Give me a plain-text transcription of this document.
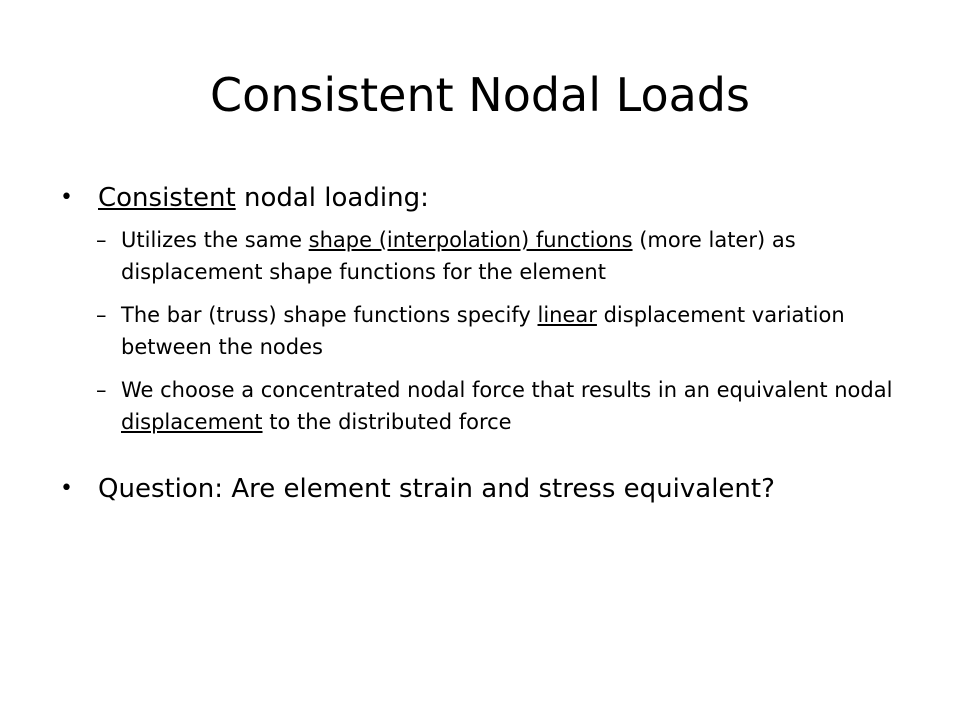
Consistent Nodal Loads
• Consistent nodal loading:
– Utilizes the same shape (interpolation) functions (more later) as displacement shape functions for the element
– The bar (truss) shape functions specify linear displacement variation between the nodes
– We choose a concentrated nodal force that results in an equivalent nodal displacement to the distributed force
• Question: Are element strain and stress equivalent?
